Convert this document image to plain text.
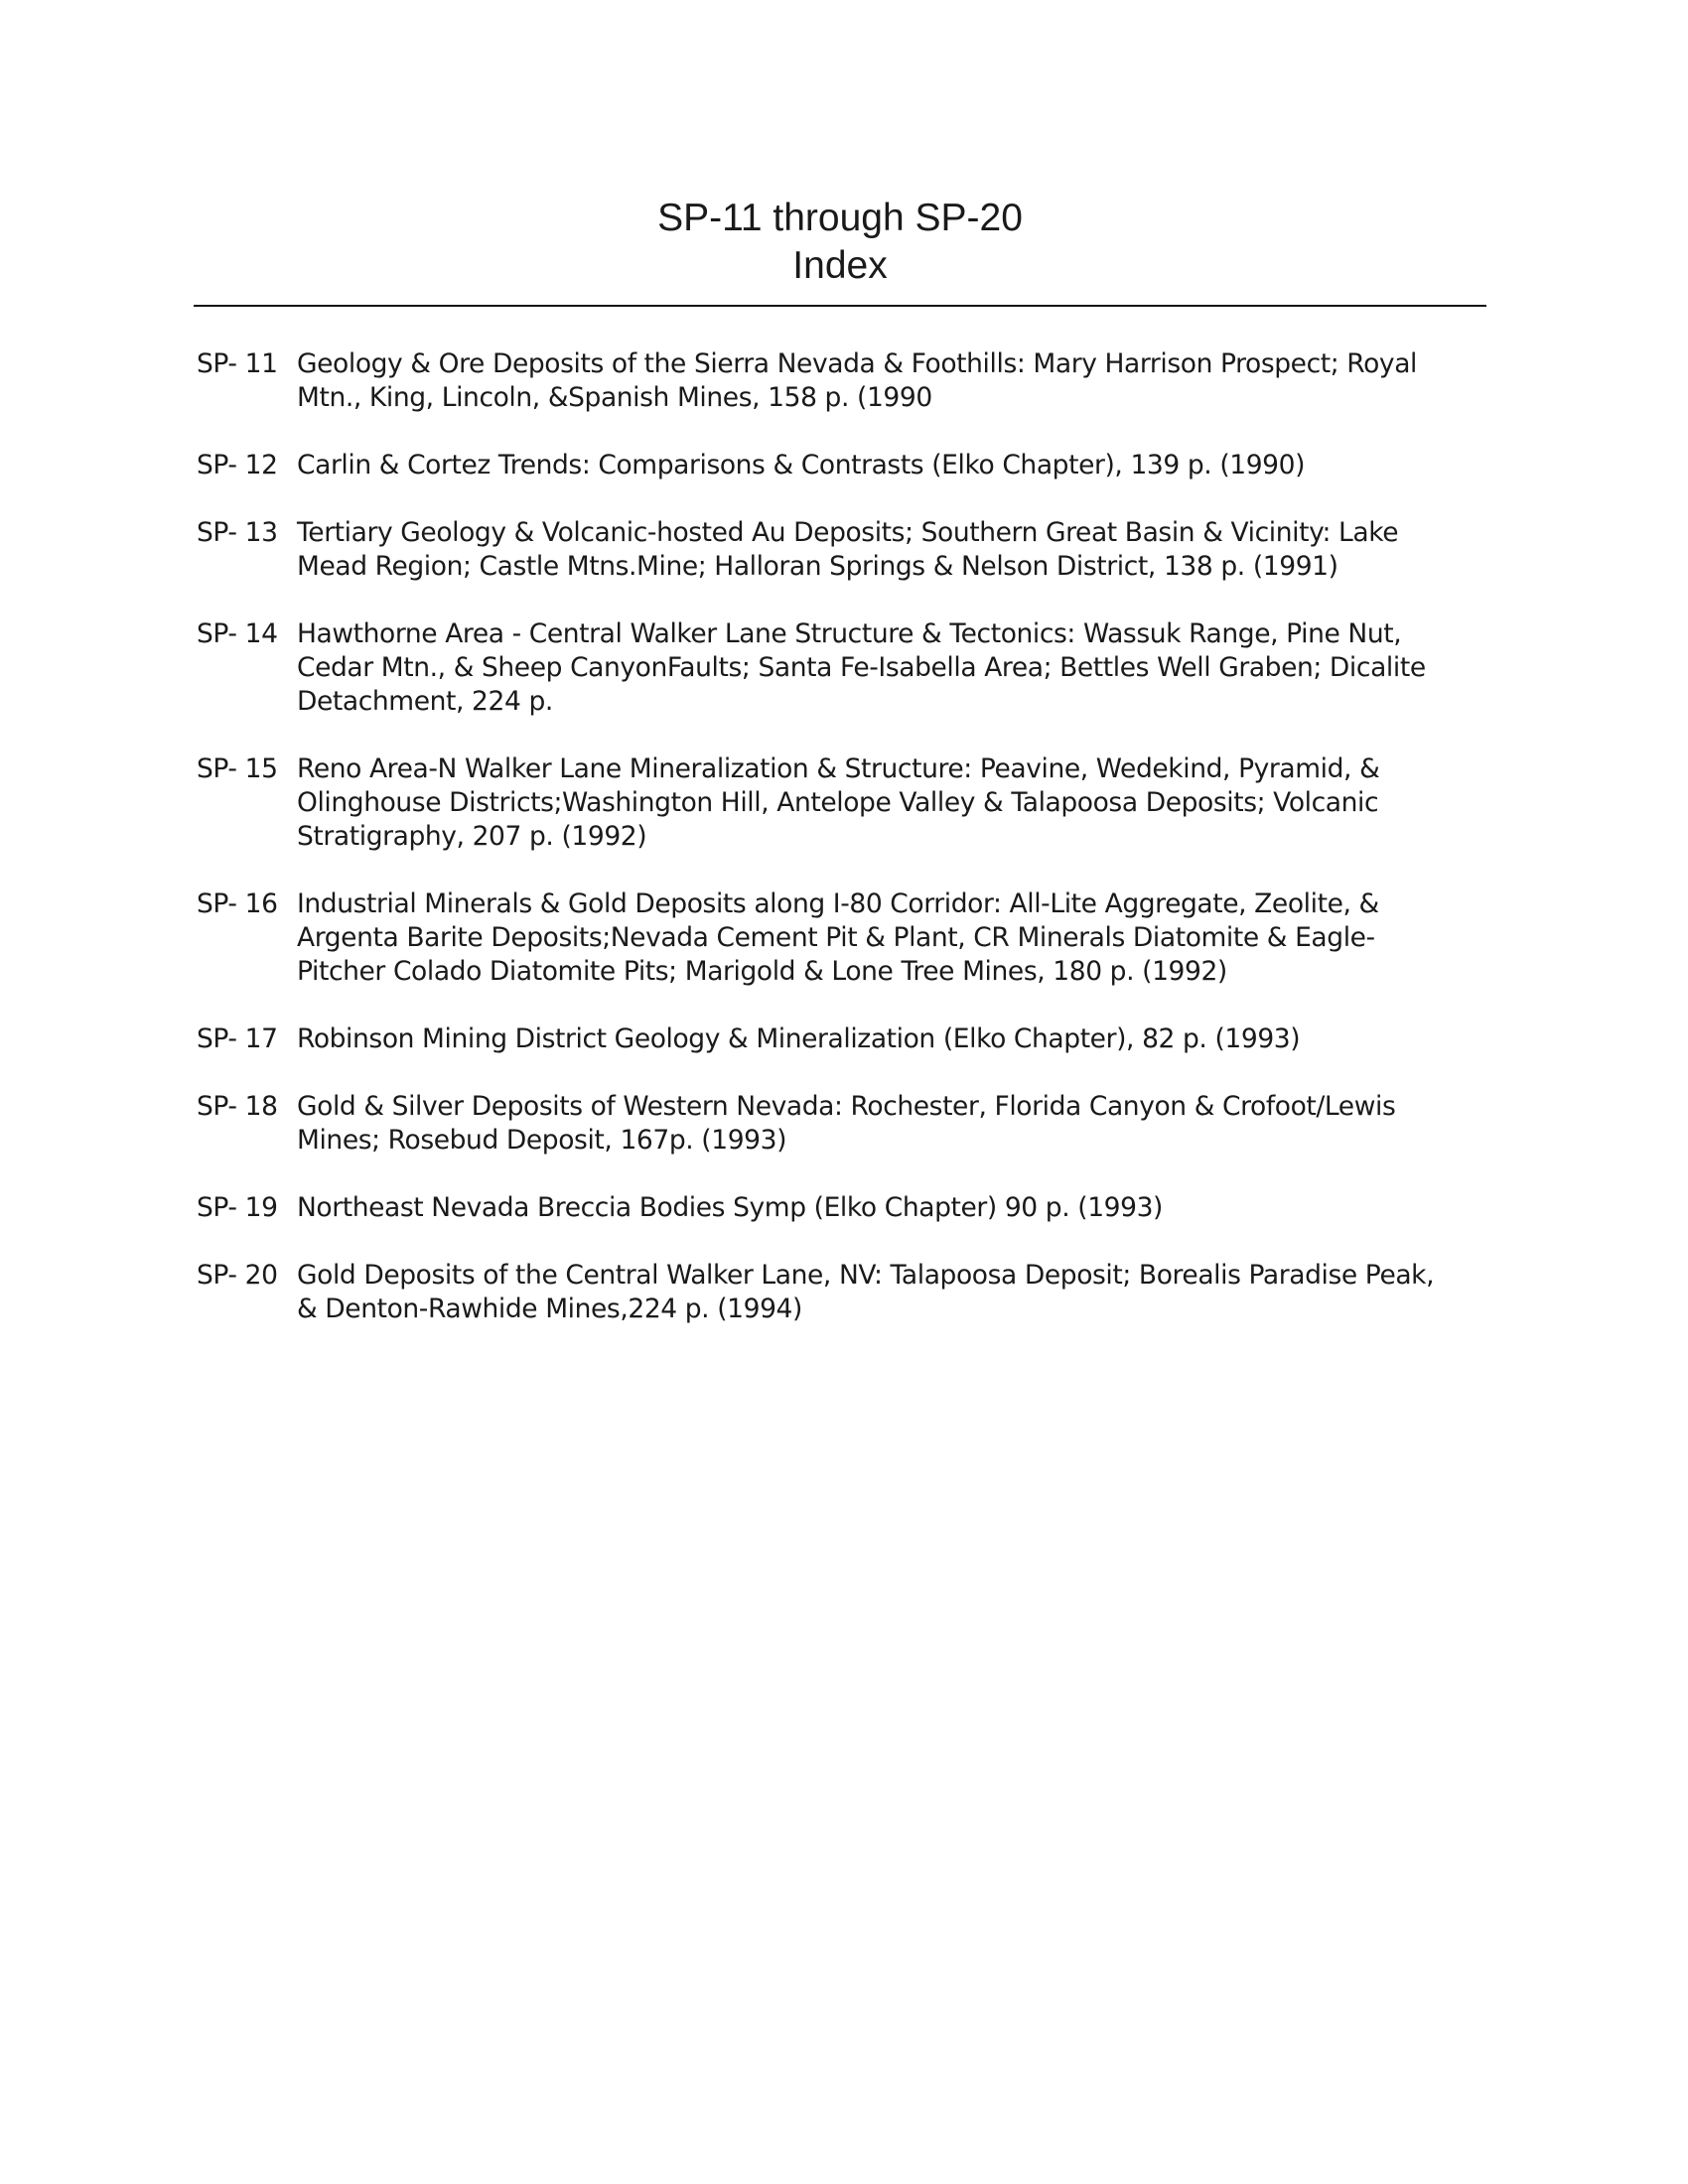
SP-11 through SP-20
Index
SP- 11 Geology & Ore Deposits of the Sierra Nevada & Foothills: Mary Harrison Prospect; Royal
Mtn., King, Lincoln, &Spanish Mines, 158 p. (1990
SP- 12 Carlin & Cortez Trends: Comparisons & Contrasts (Elko Chapter), 139 p. (1990)
SP- 13 Tertiary Geology & Volcanic-hosted Au Deposits; Southern Great Basin & Vicinity: Lake
Mead Region; Castle Mtns.Mine; Halloran Springs & Nelson District, 138 p. (1991)
SP- 14 Hawthorne Area - Central Walker Lane Structure & Tectonics: Wassuk Range, Pine Nut,
Cedar Mtn., & Sheep CanyonFaults; Santa Fe-Isabella Area; Bettles Well Graben; Dicalite
Detachment, 224 p.
SP- 15 Reno Area-N Walker Lane Mineralization & Structure: Peavine, Wedekind, Pyramid, &
Olinghouse Districts;Washington Hill, Antelope Valley & Talapoosa Deposits; Volcanic
Stratigraphy, 207 p. (1992)
SP- 16 Industrial Minerals & Gold Deposits along I-80 Corridor: All-Lite Aggregate, Zeolite, &
Argenta Barite Deposits;Nevada Cement Pit & Plant, CR Minerals Diatomite & Eagle-
Pitcher Colado Diatomite Pits; Marigold & Lone Tree Mines, 180 p. (1992)
SP- 17 Robinson Mining District Geology & Mineralization (Elko Chapter), 82 p. (1993)
SP- 18 Gold & Silver Deposits of Western Nevada: Rochester, Florida Canyon & Crofoot/Lewis
Mines; Rosebud Deposit, 167p. (1993)
SP- 19 Northeast Nevada Breccia Bodies Symp (Elko Chapter) 90 p. (1993)
SP- 20 Gold Deposits of the Central Walker Lane, NV: Talapoosa Deposit; Borealis Paradise Peak,
& Denton-Rawhide Mines,224 p. (1994)
